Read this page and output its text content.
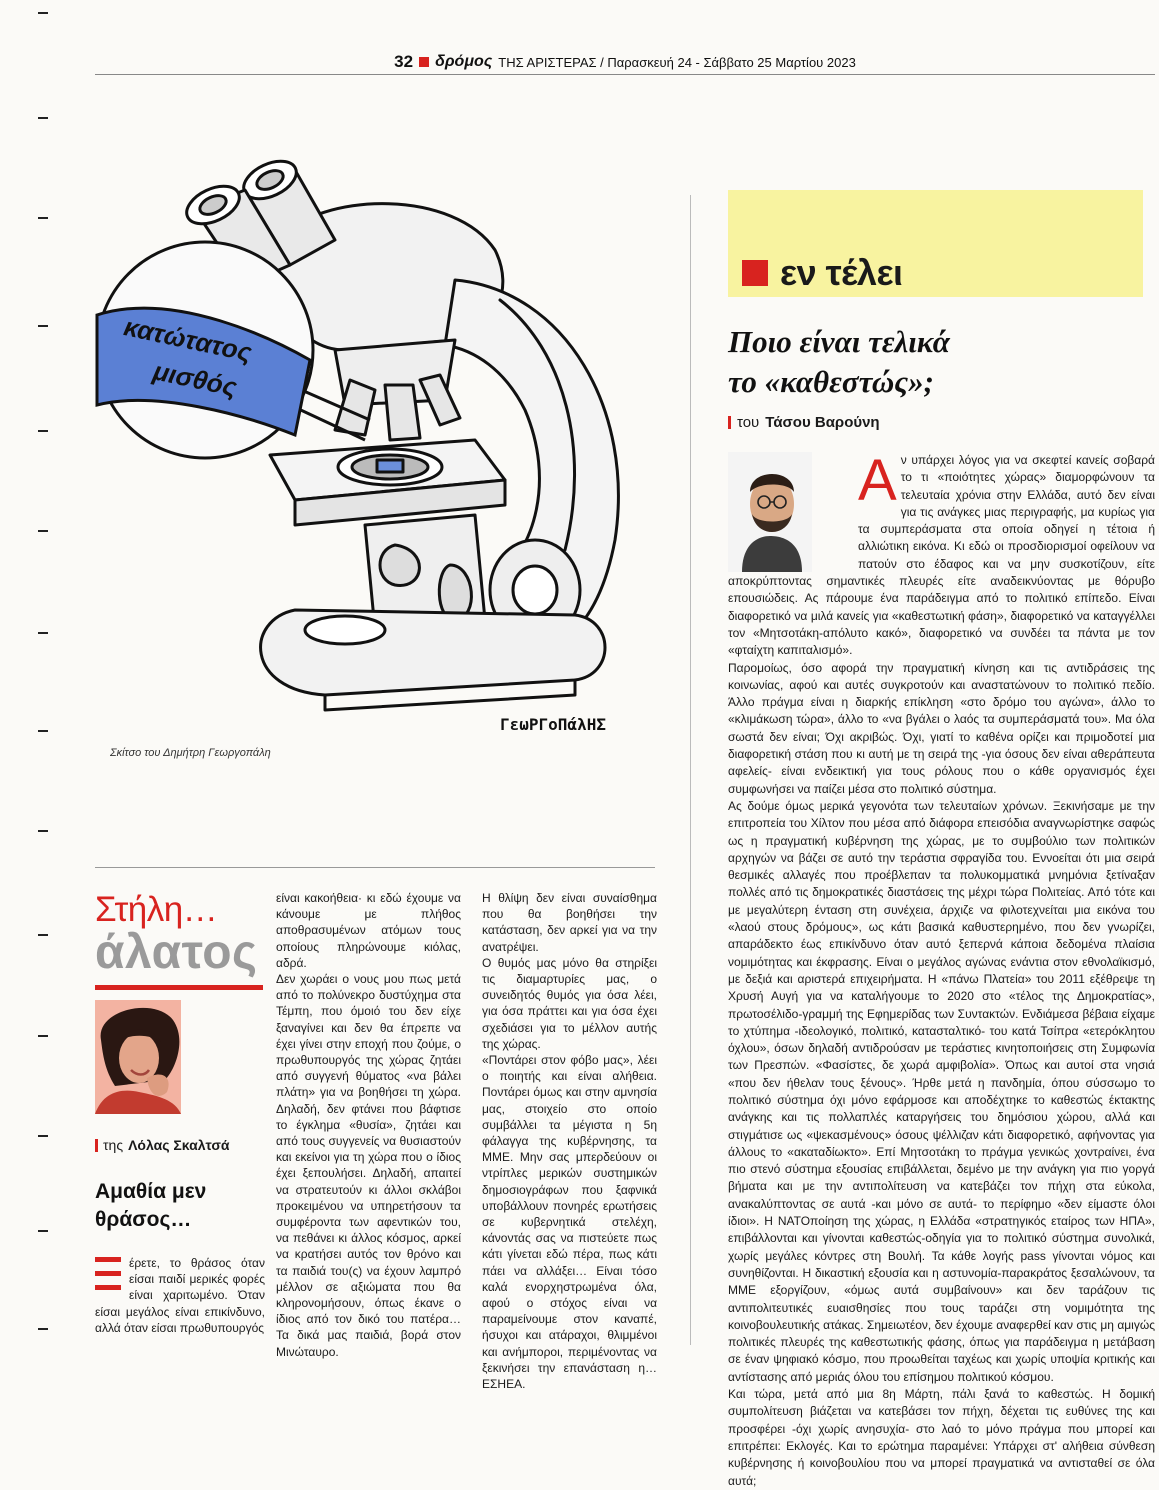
32 δρόμος ΤΗΣ ΑΡΙΣΤΕΡΑΣ / Παρασκευή 24 - Σάββατο 25 Μαρτίου 2023
κατώτατος
μισθός
ΓεωΡΓοΠάλΗΣ
Σκίτσο του Δημήτρη Γεωργοπάλη
εν τέλει
Ποιο είναι τελικά
το «καθεστώς»;
του Τάσου Βαρούνη

Αν υπάρχει λόγος για να σκεφτεί κανείς σοβαρά το τι «ποιότητες χώρας» διαμορφώνουν τα τελευταία χρόνια στην Ελλάδα, αυτό δεν είναι για τις ανάγκες μιας περιγραφής, μα κυρίως για τα συμπεράσματα στα οποία οδηγεί η τέτοια ή αλλιώτικη εικόνα. Κι εδώ οι προσδιορισμοί οφείλουν να πατούν στο έδαφος και να μην συσκοτίζουν, είτε αποκρύπτοντας σημαντικές πλευρές είτε αναδεικνύοντας με θόρυβο επουσιώδεις. Ας πάρουμε ένα παράδειγμα από το πολιτικό επίπεδο. Είναι διαφορετικό να μιλά κανείς για «καθεστωτική φάση», διαφορετικό να καταγγέλλει τον «Μητσοτάκη-απόλυτο κακό», διαφορετικό να συνδέει τα πάντα με τον «φταίχτη καπιταλισμό».

Παρομοίως, όσο αφορά την πραγματική κίνηση και τις αντιδράσεις της κοινωνίας, αφού και αυτές συγκροτούν και αναστατώνουν το πολιτικό πεδίο. Άλλο πράγμα είναι η διαρκής επίκληση «στο δρόμο του αγώνα», άλλο το «κλιμάκωση τώρα», άλλο το «να βγάλει ο λαός τα συμπεράσματά του». Μα όλα σωστά δεν είναι; Όχι ακριβώς. Όχι, γιατί το καθένα ορίζει και πριμοδοτεί μια διαφορετική στάση που κι αυτή με τη σειρά της -για όσους δεν είναι αθεράπευτα αφελείς- είναι ενδεικτική για τους ρόλους που ο κάθε οργανισμός έχει συμφωνήσει να παίζει μέσα στο πολιτικό σύστημα.

Ας δούμε όμως μερικά γεγονότα των τελευταίων χρόνων. Ξεκινήσαμε με την επιτροπεία του Χίλτον που μέσα από διάφορα επεισόδια αναγνωρίστηκε σαφώς ως η πραγματική κυβέρνηση της χώρας, με το συμβούλιο των πολιτικών αρχηγών να βάζει σε αυτό την τεράστια σφραγίδα του. Εννοείται ότι μια σειρά θεσμικές αλλαγές που προέβλεπαν τα πολυκομματικά μνημόνια ξετίναξαν πολλές από τις δημοκρατικές διαστάσεις της μέχρι τώρα Πολιτείας. Από τότε και με μεγαλύτερη ένταση στη συνέχεια, άρχιζε να φιλοτεχνείται μια εικόνα του «λαού στους δρόμους», ως κάτι βασικά καθυστερημένο, που δεν γνωρίζει, απαράδεκτο έως επικίνδυνο όταν αυτό ξεπερνά κάποια δεδομένα πλαίσια νομιμότητας και έκφρασης. Είναι ο μεγάλος αγώνας ενάντια στον εθνολαϊκισμό, με δεξιά και αριστερά επιχειρήματα. Η «πάνω Πλατεία» του 2011 εξέθρεψε τη Χρυσή Αυγή για να καταλήγουμε το 2020 στο «τέλος της Δημοκρατίας», πρωτοσέλιδο-γραμμή της Εφημερίδας των Συντακτών. Ενδιάμεσα βέβαια είχαμε το χτύπημα -ιδεολογικό, πολιτικό, κατασταλτικό- του κατά Τσίπρα «ετερόκλητου όχλου», όσων δηλαδή αντιδρούσαν με τεράστιες κινητοποιήσεις στη Συμφωνία των Πρεσπών. «Φασίστες, δε χωρά αμφιβολία». Όπως και αυτοί στα νησιά «που δεν ήθελαν τους ξένους». Ήρθε μετά η πανδημία, όπου σύσσωμο το πολιτικό σύστημα όχι μόνο εφάρμοσε και αποδέχτηκε το καθεστώς έκτακτης ανάγκης και τις πολλαπλές καταργήσεις του δημόσιου χώρου, αλλά και στιγμάτισε ως «ψεκασμένους» όσους ψέλλιζαν κάτι διαφορετικό, αφήνοντας για άλλους το «ακαταδίωκτο». Επί Μητσοτάκη το πράγμα γενικώς χοντραίνει, ένα πιο στενό σύστημα εξουσίας επιβάλλεται, δεμένο με την ανάγκη για πιο γοργά βήματα και με την αντιπολίτευση να κατεβάζει τον πήχη στα εύκολα, ανακαλύπτοντας σε αυτά -και μόνο σε αυτά- το περίφημο «δεν είμαστε όλοι ίδιοι». Η ΝΑΤΟποίηση της χώρας, η Ελλάδα «στρατηγικός εταίρος των ΗΠΑ», επιβάλλονται και γίνονται καθεστώς-οδηγία για το πολιτικό σύστημα συνολικά, χωρίς μεγάλες κόντρες στη Βουλή. Τα κάθε λογής pass γίνονται νόμος και συνηθίζονται. Η δικαστική εξουσία και η αστυνομία-παρακράτος ξεσαλώνουν, τα ΜΜΕ εξοργίζουν, «όμως αυτά συμβαίνουν» και δεν ταράζουν τις αντιπολιτευτικές ευαισθησίες που τους ταράζει στη νομιμότητα της κοινοβουλευτικής ατάκας. Σημειωτέον, δεν έχουμε αναφερθεί καν στις μη αμιγώς πολιτικές πλευρές της καθεστωτικής φάσης, όπως για παράδειγμα η μετάβαση σε έναν ψηφιακό κόσμο, που προωθείται ταχέως και χωρίς υποψία κριτικής και αντίστασης από μεριάς όλου του επίσημου πολιτικού κόσμου.

Και τώρα, μετά από μια 8η Μάρτη, πάλι ξανά το καθεστώς. Η δομική συμπολίτευση βιάζεται να κατεβάσει τον πήχη, δέχεται τις ευθύνες της και προσφέρει -όχι χωρίς ανησυχία- στο λαό το μόνο πράγμα που μπορεί και επιτρέπει: Εκλογές. Και το ερώτημα παραμένει: Υπάρχει στ' αλήθεια σύνθεση κυβέρνησης ή κοινοβουλίου που να μπορεί πραγματικά να αντισταθεί σε όλα αυτά;

Στήλη…
άλατος
της Λόλας Σκαλτσά
Αμαθία μεν θράσος…

έρετε, το θράσος όταν είσαι παιδί μερικές φορές είναι χαριτωμένο. Όταν είσαι μεγάλος είναι επικίνδυνο, αλλά όταν είσαι πρωθυπουργός

είναι κακοήθεια· κι εδώ έχουμε να κάνουμε με πλήθος αποθρασυμένων ατόμων τους οποίους πληρώνουμε κιόλας, αδρά.

Δεν χωράει ο νους μου πως μετά από το πολύνεκρο δυστύχημα στα Τέμπη, που όμοιό του δεν είχε ξαναγίνει και δεν θα έπρεπε να έχει γίνει στην εποχή που ζούμε, ο πρωθυπουργός της χώρας ζητάει από συγγενή θύματος «να βάλει πλάτη» για να βοηθήσει τη χώρα. Δηλαδή, δεν φτάνει που βάφτισε το έγκλημα «θυσία», ζητάει και από τους συγγενείς να θυσιαστούν και εκείνοι για τη χώρα που ο ίδιος έχει ξεπουλήσει. Δηλαδή, απαιτεί να στρατευτούν κι άλλοι σκλάβοι προκειμένου να υπηρετήσουν τα συμφέροντα των αφεντικών του, να πεθάνει κι άλλος κόσμος, αρκεί να κρατήσει αυτός τον θρόνο και τα παιδιά του(ς) να έχουν λαμπρό μέλλον σε αξιώματα που θα κληρονομήσουν, όπως έκανε ο ίδιος από τον δικό του πατέρα… Τα δικά μας παιδιά, βορά στον Μινώταυρο.

Η θλίψη δεν είναι συναίσθημα που θα βοηθήσει την κατάσταση, δεν αρκεί για να την ανατρέψει.

Ο θυμός μας μόνο θα στηρίξει τις διαμαρτυρίες μας, ο συνειδητός θυμός για όσα λέει, για όσα πράττει και για όσα έχει σχεδιάσει για το μέλλον αυτής της χώρας.

«Ποντάρει στον φόβο μας», λέει ο ποιητής και είναι αλήθεια. Ποντάρει όμως και στην αμνησία μας, στοιχείο στο οποίο συμβάλλει τα μέγιστα η 5η φάλαγγα της κυβέρνησης, τα ΜΜΕ. Μην σας μπερδεύουν οι ντρίπλες μερικών συστημικών δημοσιογράφων που ξαφνικά υποβάλλουν πονηρές ερωτήσεις σε κυβερνητικά στελέχη, κάνοντάς σας να πιστεύετε πως κάτι γίνεται εδώ πέρα, πως κάτι πάει να αλλάξει… Είναι τόσο καλά ενορχηστρωμένα όλα, αφού ο στόχος είναι να παραμείνουμε στον καναπέ, ήσυχοι και ατάραχοι, θλιμμένοι και ανήμποροι, περιμένοντας να ξεκινήσει την επανάσταση η… ΕΣΗΕΑ.
